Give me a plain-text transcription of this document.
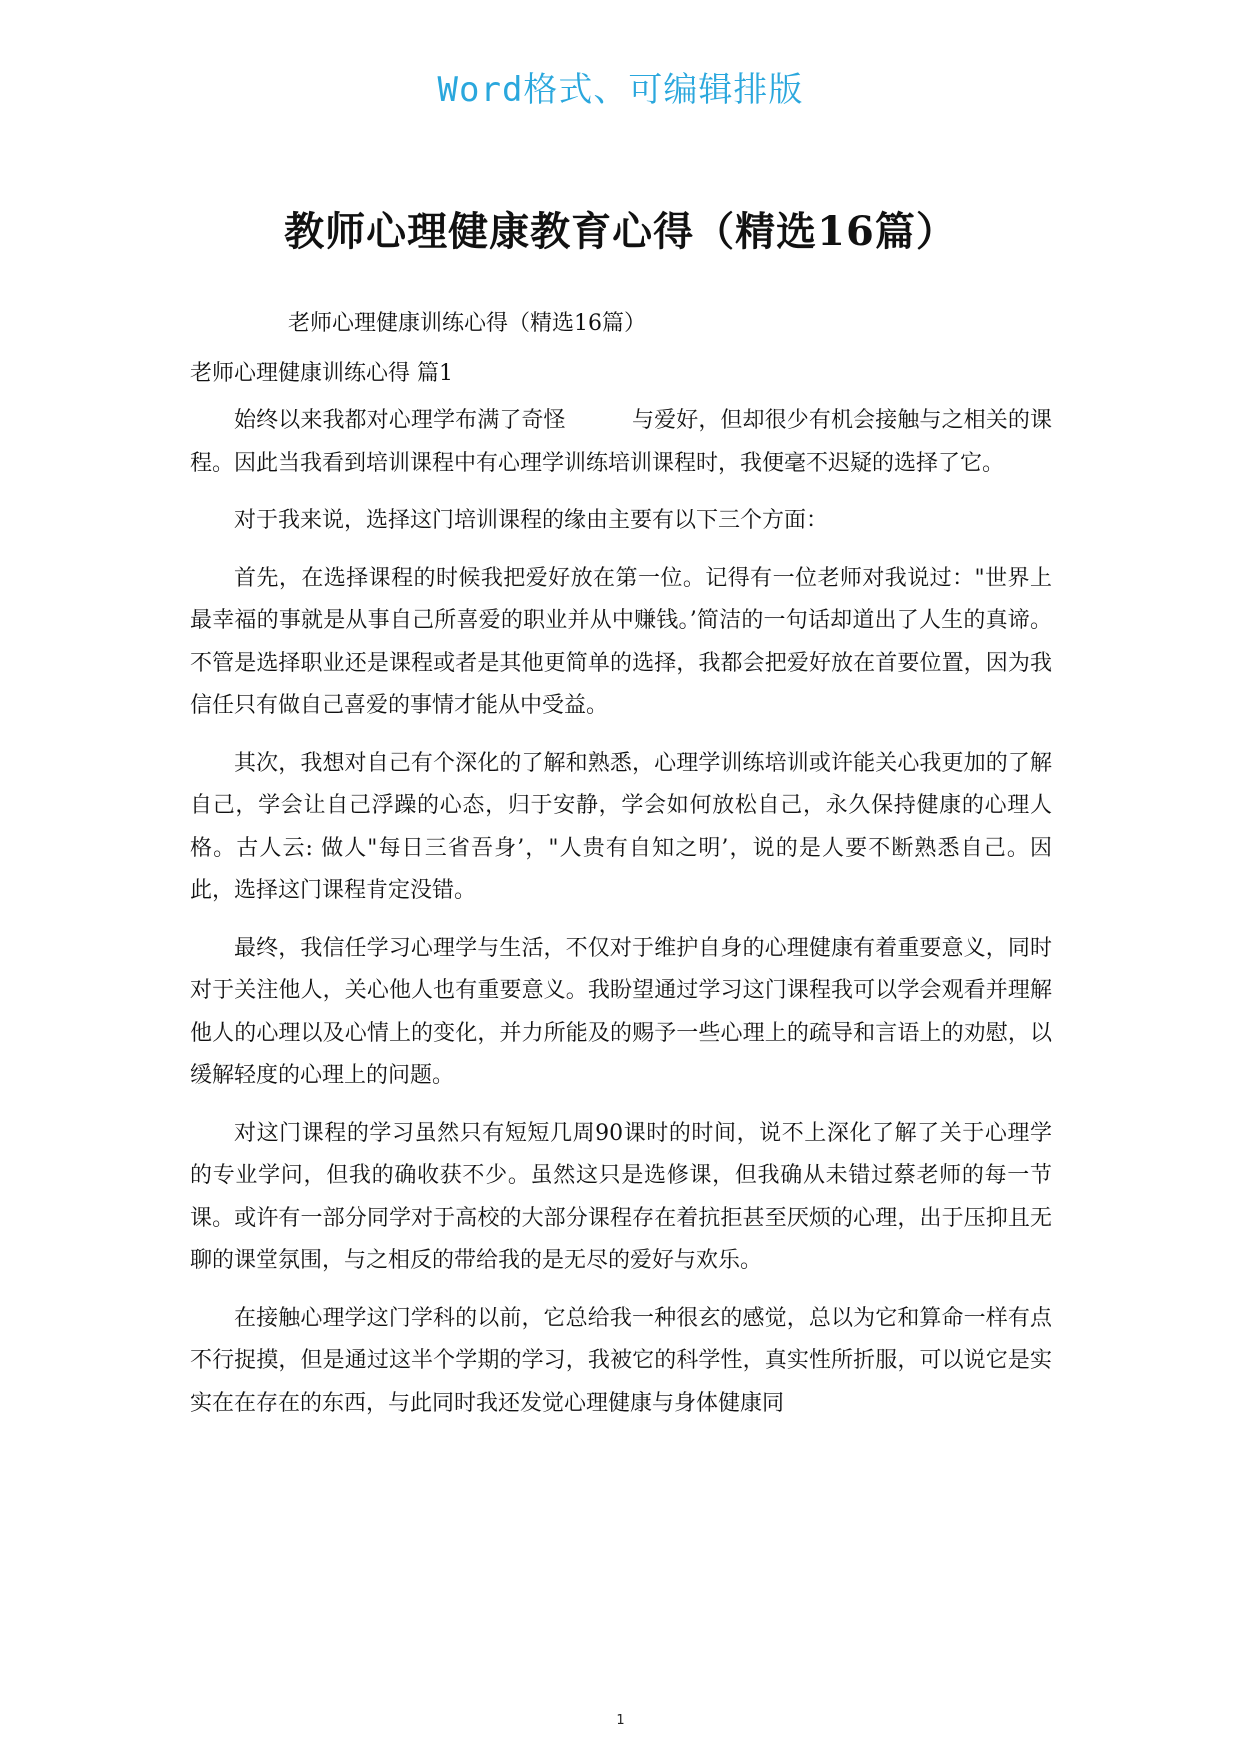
Word格式、可编辑排版
教师心理健康教育心得（精选16篇）
老师心理健康训练心得（精选16篇）
老师心理健康训练心得 篇1

始终以来我都对心理学布满了奇怪　　　与爱好，但却很少有机会接触与之相关的课程。因此当我看到培训课程中有心理学训练培训课程时，我便毫不迟疑的选择了它。

对于我来说，选择这门培训课程的缘由主要有以下三个方面：

首先，在选择课程的时候我把爱好放在第一位。记得有一位老师对我说过："世界上最幸福的事就是从事自己所喜爱的职业并从中赚钱。’简洁的一句话却道出了人生的真谛。不管是选择职业还是课程或者是其他更简单的选择，我都会把爱好放在首要位置，因为我信任只有做自己喜爱的事情才能从中受益。

其次，我想对自己有个深化的了解和熟悉，心理学训练培训或许能关心我更加的了解自己，学会让自己浮躁的心态，归于安静，学会如何放松自己，永久保持健康的心理人格。古人云: 做人"每日三省吾身’，"人贵有自知之明’，说的是人要不断熟悉自己。因此，选择这门课程肯定没错。

最终，我信任学习心理学与生活，不仅对于维护自身的心理健康有着重要意义，同时对于关注他人，关心他人也有重要意义。我盼望通过学习这门课程我可以学会观看并理解他人的心理以及心情上的变化，并力所能及的赐予一些心理上的疏导和言语上的劝慰，以缓解轻度的心理上的问题。

对这门课程的学习虽然只有短短几周90课时的时间，说不上深化了解了关于心理学的专业学问，但我的确收获不少。虽然这只是选修课，但我确从未错过蔡老师的每一节课。或许有一部分同学对于高校的大部分课程存在着抗拒甚至厌烦的心理，出于压抑且无聊的课堂氛围，与之相反的带给我的是无尽的爱好与欢乐。

在接触心理学这门学科的以前，它总给我一种很玄的感觉，总以为它和算命一样有点不行捉摸，但是通过这半个学期的学习，我被它的科学性，真实性所折服，可以说它是实实在在存在的东西，与此同时我还发觉心理健康与身体健康同

1
